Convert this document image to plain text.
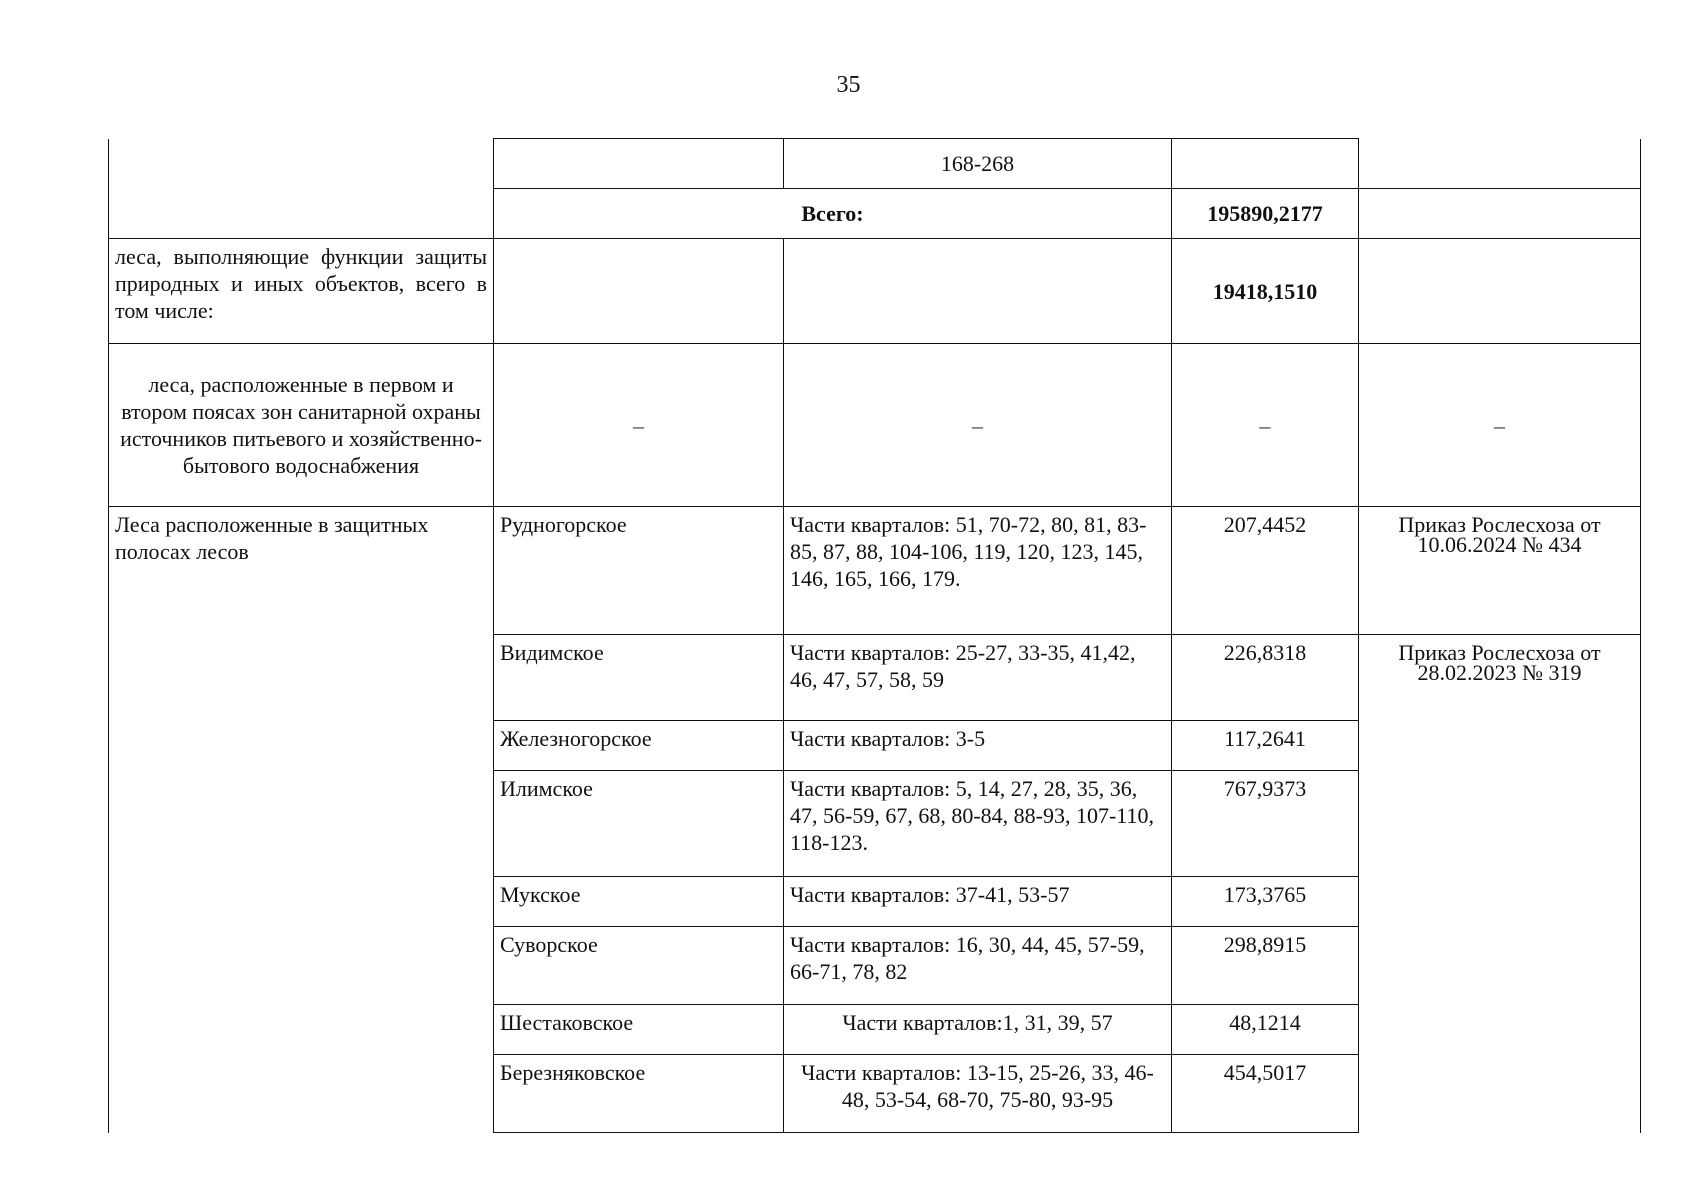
35
		168-268		
	Всего:		195890,2177	
леса, выполняющие функции защиты природных и иных объектов, всего в том числе:			19418,1510	
леса, расположенные в первом и втором поясах зон санитарной охраны источников питьевого и хозяйственно-бытового водоснабжения	–	–	–	–
Леса расположенные в защитных полосах лесов	Рудногорское	Части кварталов: 51, 70-72, 80, 81, 83-85, 87, 88, 104-106, 119, 120, 123, 145, 146, 165, 166, 179.	207,4452	Приказ Рослесхоза от 10.06.2024 № 434
	Видимское	Части кварталов: 25-27, 33-35, 41,42, 46, 47, 57, 58, 59	226,8318	Приказ Рослесхоза от 28.02.2023 № 319
	Железногорское	Части кварталов: 3-5	117,2641	
	Илимское	Части кварталов: 5, 14, 27, 28, 35, 36, 47, 56-59, 67, 68, 80-84, 88-93, 107-110, 118-123.	767,9373	
	Мукское	Части кварталов: 37-41, 53-57	173,3765	
	Суворское	Части кварталов: 16, 30, 44, 45, 57-59, 66-71, 78, 82	298,8915	
	Шестаковское	Части кварталов:1, 31, 39, 57	48,1214	
	Березняковское	Части кварталов: 13-15, 25-26, 33, 46-48, 53-54, 68-70, 75-80, 93-95	454,5017	
